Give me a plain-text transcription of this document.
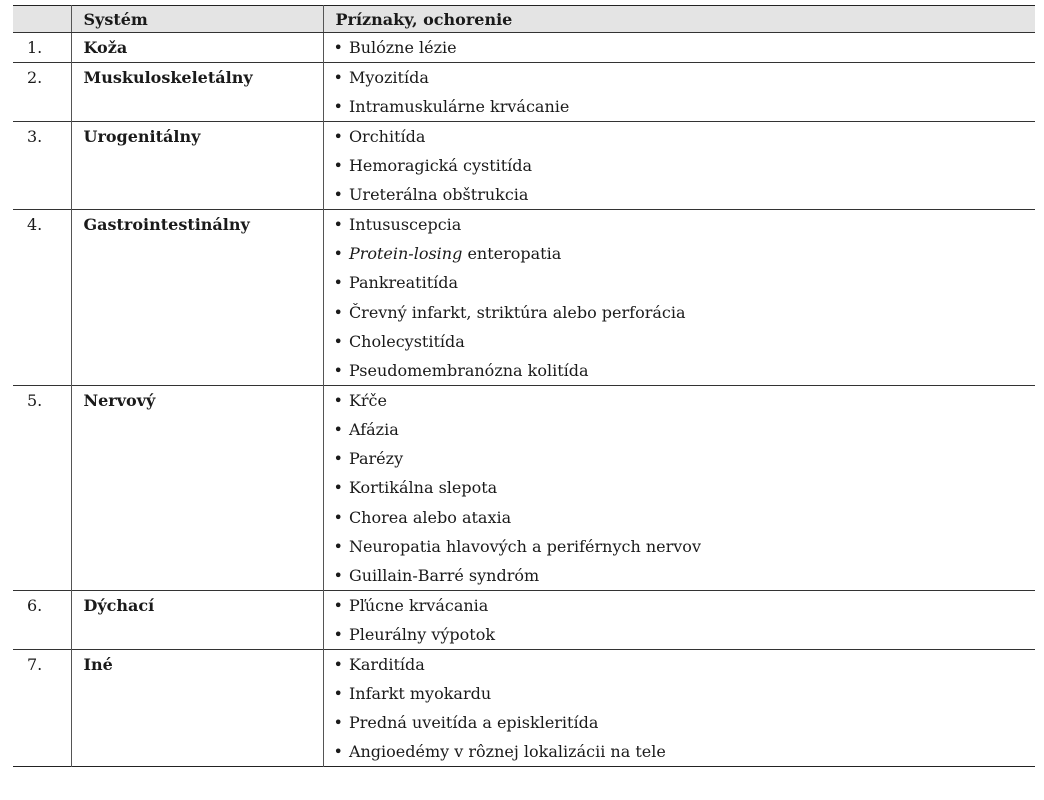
	Systém	Príznaky, ochorenie
1.	Koža	• Bulózne lézie
2.	Muskuloskeletálny	• Myozitída
		• Intramuskulárne krvácanie
3.	Urogenitálny	• Orchitída
		• Hemoragická cystitída
		• Ureterálna obštrukcia
4.	Gastrointestinálny	• Intususcepcia
		• Protein-losing enteropatia
		• Pankreatitída
		• Črevný infarkt, striktúra alebo perforácia
		• Cholecystitída
		• Pseudomembranózna kolitída
5.	Nervový	• Kŕče
		• Afázia
		• Parézy
		• Kortikálna slepota
		• Chorea alebo ataxia
		• Neuropatia hlavových a periférnych nervov
		• Guillain-Barré syndróm
6.	Dýchací	• Pľúcne krvácania
		• Pleurálny výpotok
7.	Iné	• Karditída
		• Infarkt myokardu
		• Predná uveitída a episkleritída
		• Angioedémy v rôznej lokalizácii na tele
